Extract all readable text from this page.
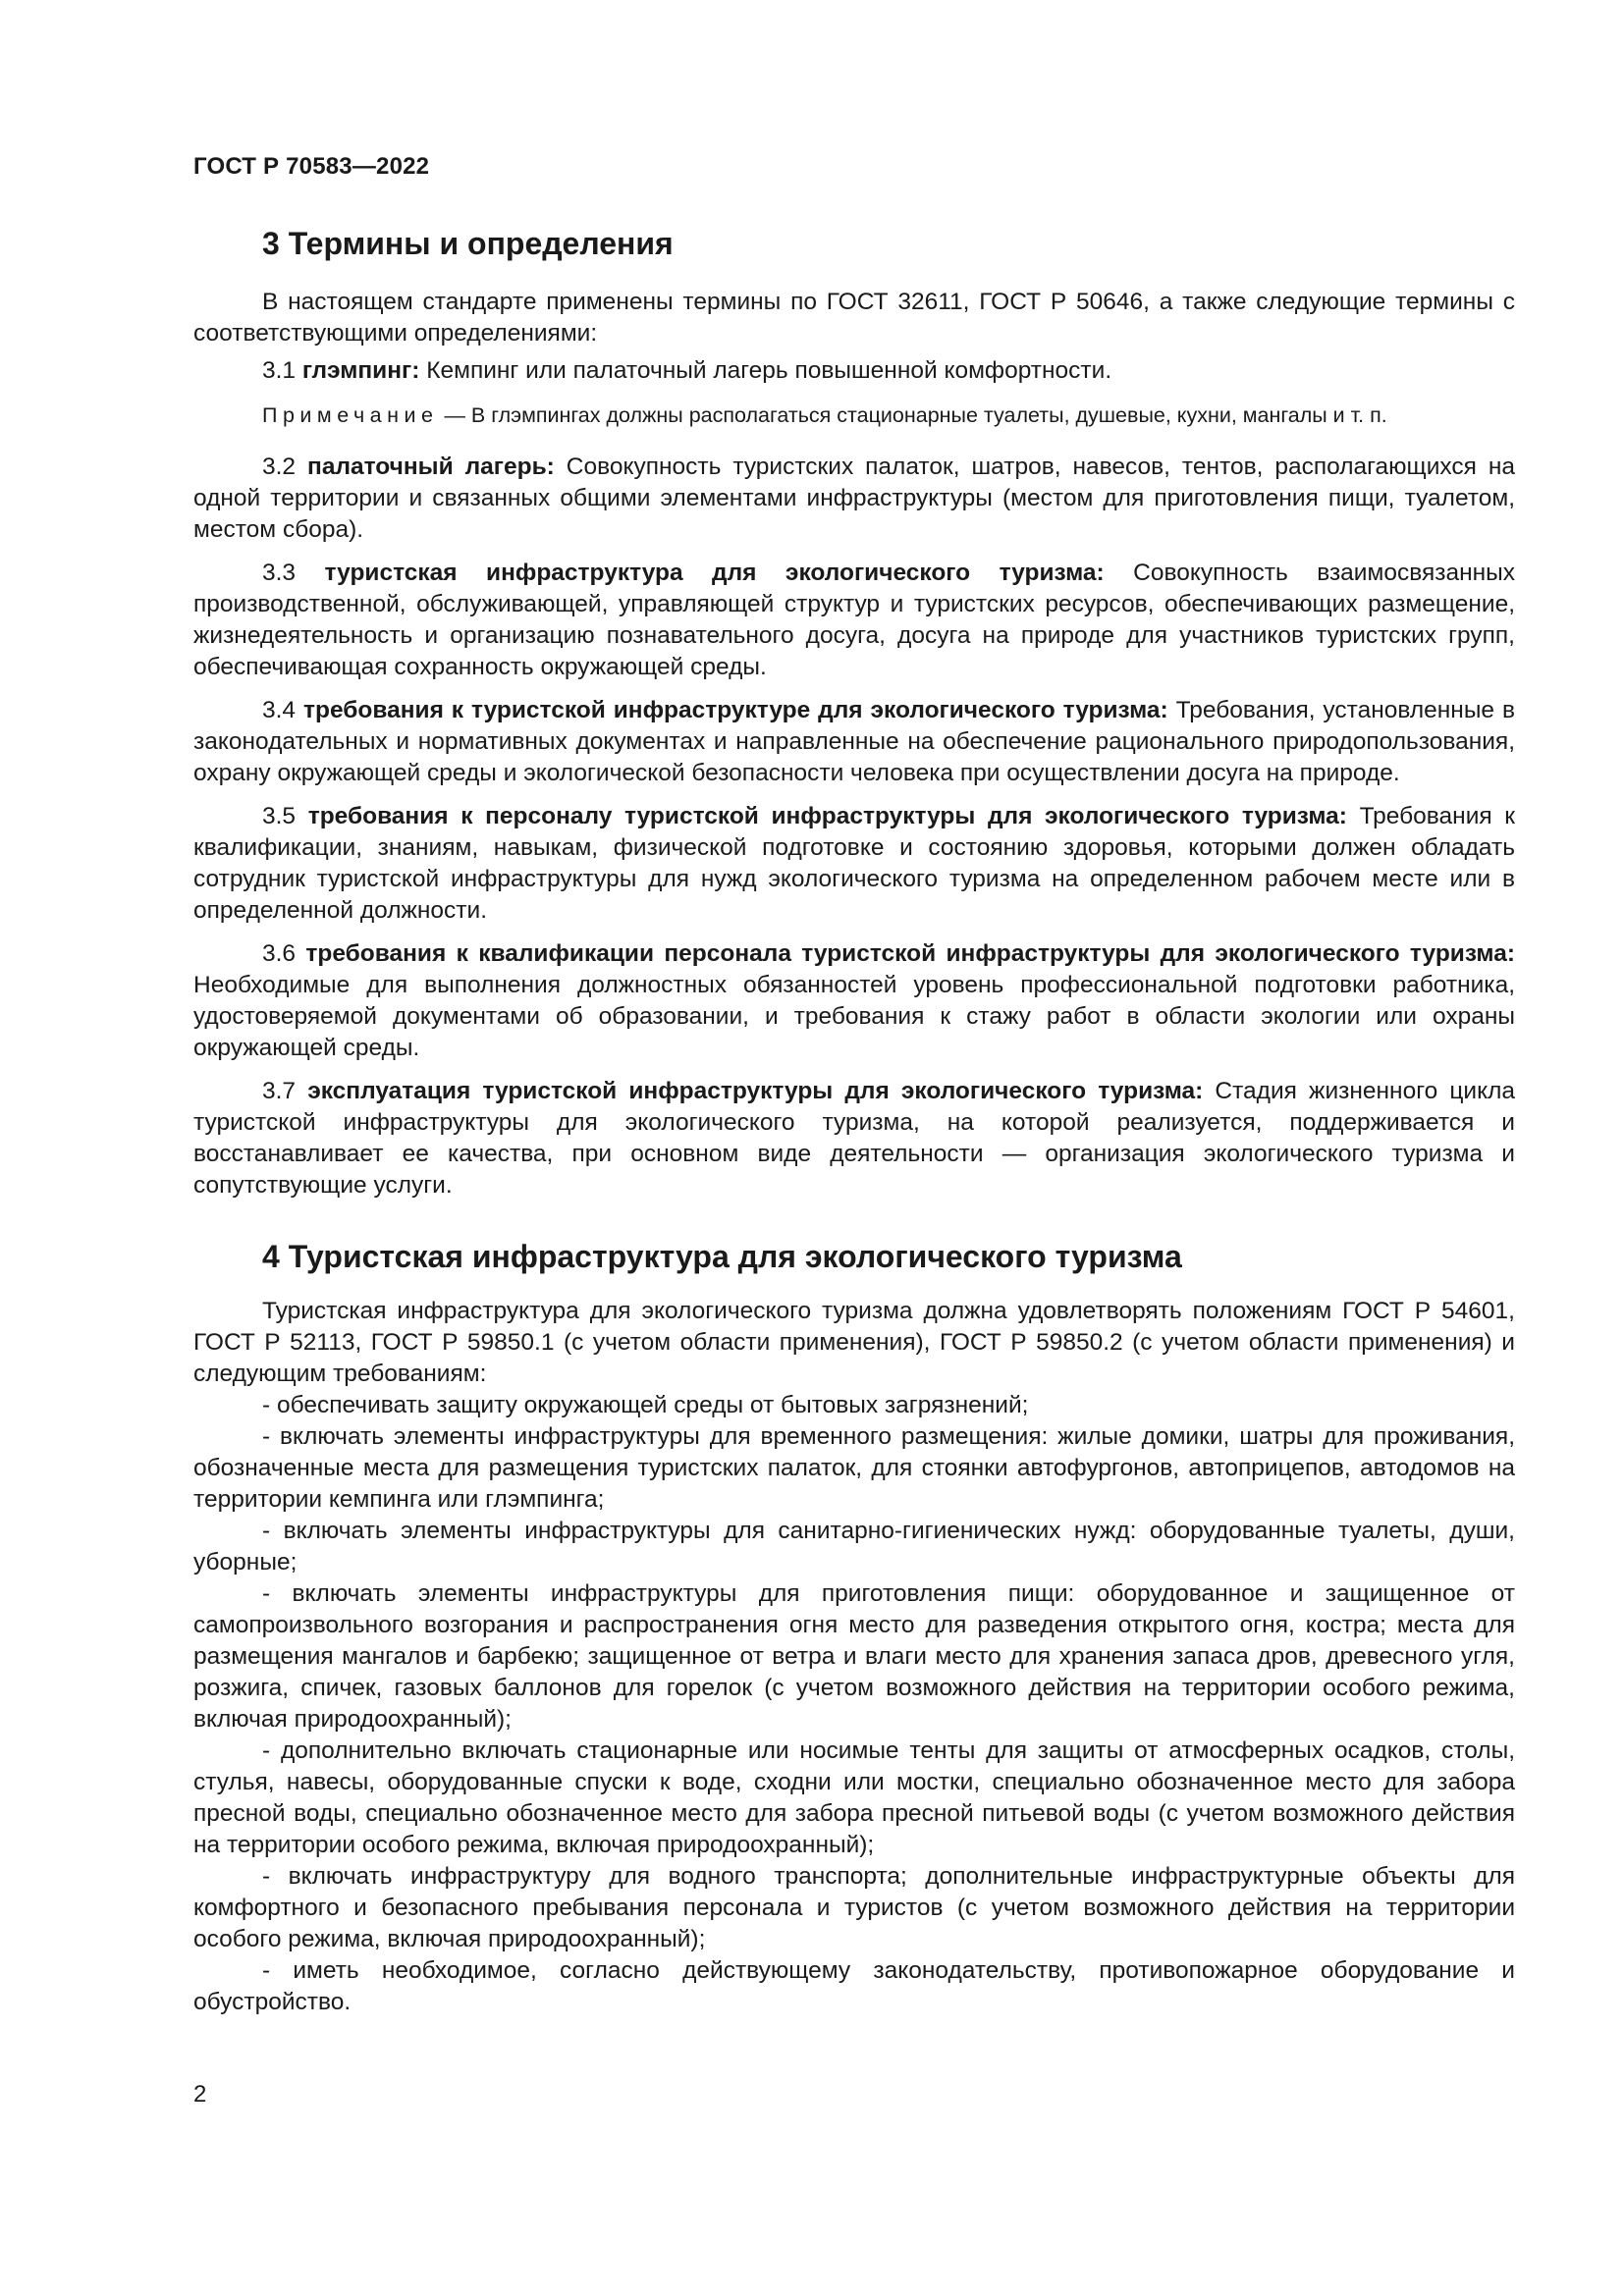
ГОСТ Р 70583—2022
3 Термины и определения

В настоящем стандарте применены термины по ГОСТ 32611, ГОСТ Р 50646, а также следующие термины с соответствующими определениями:

3.1 глэмпинг: Кемпинг или палаточный лагерь повышенной комфортности.

Примечание — В глэмпингах должны располагаться стационарные туалеты, душевые, кухни, мангалы и т. п.

3.2 палаточный лагерь: Совокупность туристских палаток, шатров, навесов, тентов, располагающихся на одной территории и связанных общими элементами инфраструктуры (местом для приготовления пищи, туалетом, местом сбора).

3.3 туристская инфраструктура для экологического туризма: Совокупность взаимосвязанных производственной, обслуживающей, управляющей структур и туристских ресурсов, обеспечивающих размещение, жизнедеятельность и организацию познавательного досуга, досуга на природе для участников туристских групп, обеспечивающая сохранность окружающей среды.

3.4 требования к туристской инфраструктуре для экологического туризма: Требования, установленные в законодательных и нормативных документах и направленные на обеспечение рационального природопользования, охрану окружающей среды и экологической безопасности человека при осуществлении досуга на природе.

3.5 требования к персоналу туристской инфраструктуры для экологического туризма: Требования к квалификации, знаниям, навыкам, физической подготовке и состоянию здоровья, которыми должен обладать сотрудник туристской инфраструктуры для нужд экологического туризма на определенном рабочем месте или в определенной должности.

3.6 требования к квалификации персонала туристской инфраструктуры для экологического туризма: Необходимые для выполнения должностных обязанностей уровень профессиональной подготовки работника, удостоверяемой документами об образовании, и требования к стажу работ в области экологии или охраны окружающей среды.

3.7 эксплуатация туристской инфраструктуры для экологического туризма: Стадия жизненного цикла туристской инфраструктуры для экологического туризма, на которой реализуется, поддерживается и восстанавливает ее качества, при основном виде деятельности — организация экологического туризма и сопутствующие услуги.

4 Туристская инфраструктура для экологического туризма

Туристская инфраструктура для экологического туризма должна удовлетворять положениям ГОСТ Р 54601, ГОСТ Р 52113, ГОСТ Р 59850.1 (с учетом области применения), ГОСТ Р 59850.2 (с учетом области применения) и следующим требованиям:

- обеспечивать защиту окружающей среды от бытовых загрязнений;

- включать элементы инфраструктуры для временного размещения: жилые домики, шатры для проживания, обозначенные места для размещения туристских палаток, для стоянки автофургонов, автоприцепов, автодомов на территории кемпинга или глэмпинга;

- включать элементы инфраструктуры для санитарно-гигиенических нужд: оборудованные туалеты, души, уборные;

- включать элементы инфраструктуры для приготовления пищи: оборудованное и защищенное от самопроизвольного возгорания и распространения огня место для разведения открытого огня, костра; места для размещения мангалов и барбекю; защищенное от ветра и влаги место для хранения запаса дров, древесного угля, розжига, спичек, газовых баллонов для горелок (с учетом возможного действия на территории особого режима, включая природоохранный);

- дополнительно включать стационарные или носимые тенты для защиты от атмосферных осадков, столы, стулья, навесы, оборудованные спуски к воде, сходни или мостки, специально обозначенное место для забора пресной воды, специально обозначенное место для забора пресной питьевой воды (с учетом возможного действия на территории особого режима, включая природоохранный);

- включать инфраструктуру для водного транспорта; дополнительные инфраструктурные объекты для комфортного и безопасного пребывания персонала и туристов (с учетом возможного действия на территории особого режима, включая природоохранный);

- иметь необходимое, согласно действующему законодательству, противопожарное оборудование и обустройство.

2
